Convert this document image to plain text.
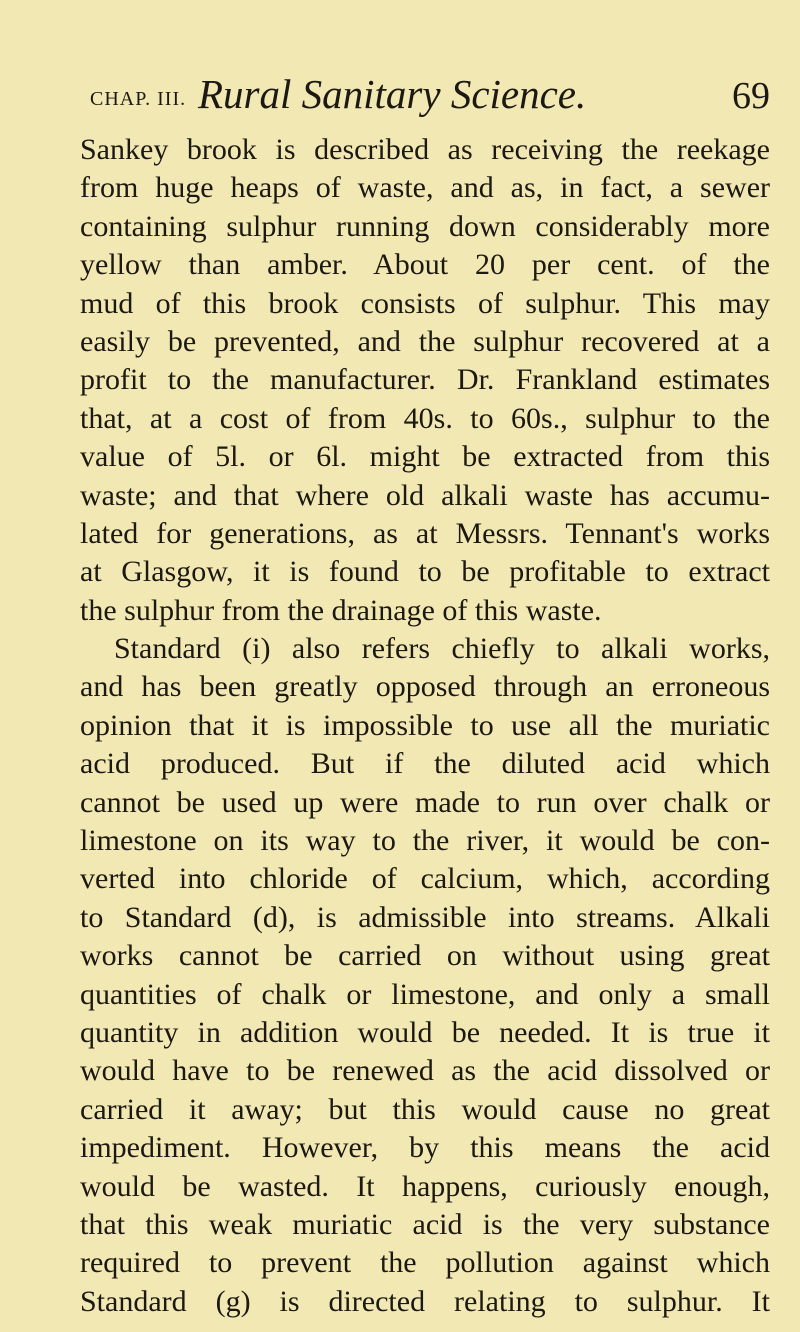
CHAP. III. Rural Sanitary Science.	69
Sankey brook is described as receiving the reekage
from huge heaps of waste, and as, in fact, a sewer
containing sulphur running down considerably more
yellow than amber. About 20 per cent. of the
mud of this brook consists of sulphur. This may
easily be prevented, and the sulphur recovered at a
profit to the manufacturer. Dr. Frankland estimates
that, at a cost of from 40s. to 60s., sulphur to the
value of 5l. or 6l. might be extracted from this
waste; and that where old alkali waste has accumu-
lated for generations, as at Messrs. Tennant's works
at Glasgow, it is found to be profitable to extract
the sulphur from the drainage of this waste.
Standard (i) also refers chiefly to alkali works,
and has been greatly opposed through an erroneous
opinion that it is impossible to use all the muriatic
acid produced. But if the diluted acid which
cannot be used up were made to run over chalk or
limestone on its way to the river, it would be con-
verted into chloride of calcium, which, according
to Standard (d), is admissible into streams. Alkali
works cannot be carried on without using great
quantities of chalk or limestone, and only a small
quantity in addition would be needed. It is true it
would have to be renewed as the acid dissolved or
carried it away; but this would cause no great
impediment. However, by this means the acid
would be wasted. It happens, curiously enough,
that this weak muriatic acid is the very substance
required to prevent the pollution against which
Standard (g) is directed relating to sulphur. It
